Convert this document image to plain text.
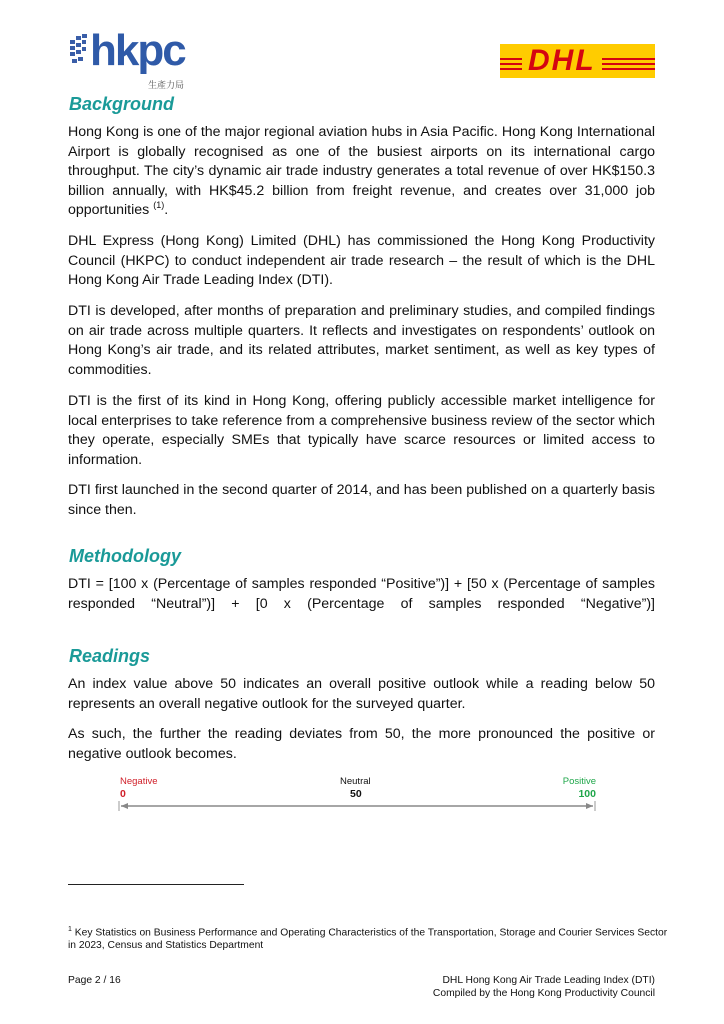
hkpc
生產力局
DHL
Background

Hong Kong is one of the major regional aviation hubs in Asia Pacific. Hong Kong International Airport is globally recognised as one of the busiest airports on its international cargo throughput. The city’s dynamic air trade industry generates a total revenue of over HK$150.3 billion annually, with HK$45.2 billion from freight revenue, and creates over 31,000 job opportunities $^{(1)}$.

DHL Express (Hong Kong) Limited (DHL) has commissioned the Hong Kong Productivity Council (HKPC) to conduct independent air trade research – the result of which is the DHL Hong Kong Air Trade Leading Index (DTI).

DTI is developed, after months of preparation and preliminary studies, and compiled findings on air trade across multiple quarters. It reflects and investigates on respondents’ outlook on Hong Kong’s air trade, and its related attributes, market sentiment, as well as key types of commodities.

DTI is the first of its kind in Hong Kong, offering publicly accessible market intelligence for local enterprises to take reference from a comprehensive business review of the sector which they operate, especially SMEs that typically have scarce resources or limited access to information.

DTI first launched in the second quarter of 2014, and has been published on a quarterly basis since then.

Methodology

DTI = [100 x (Percentage of samples responded “Positive”)] + [50 x (Percentage of samples responded “Neutral”)] + [0 x (Percentage of samples responded “Negative”)]

Readings

An index value above 50 indicates an overall positive outlook while a reading below 50 represents an overall negative outlook for the surveyed quarter.

As such, the further the reading deviates from 50, the more pronounced the positive or negative outlook becomes.

Negative
0
Neutral
50
Positive
100

$^1$ Key Statistics on Business Performance and Operating Characteristics of the Transportation, Storage and Courier Services Sector in 2023, Census and Statistics Department

Page 2 / 16	DHL Hong Kong Air Trade Leading Index (DTI)
Compiled by the Hong Kong Productivity Council
